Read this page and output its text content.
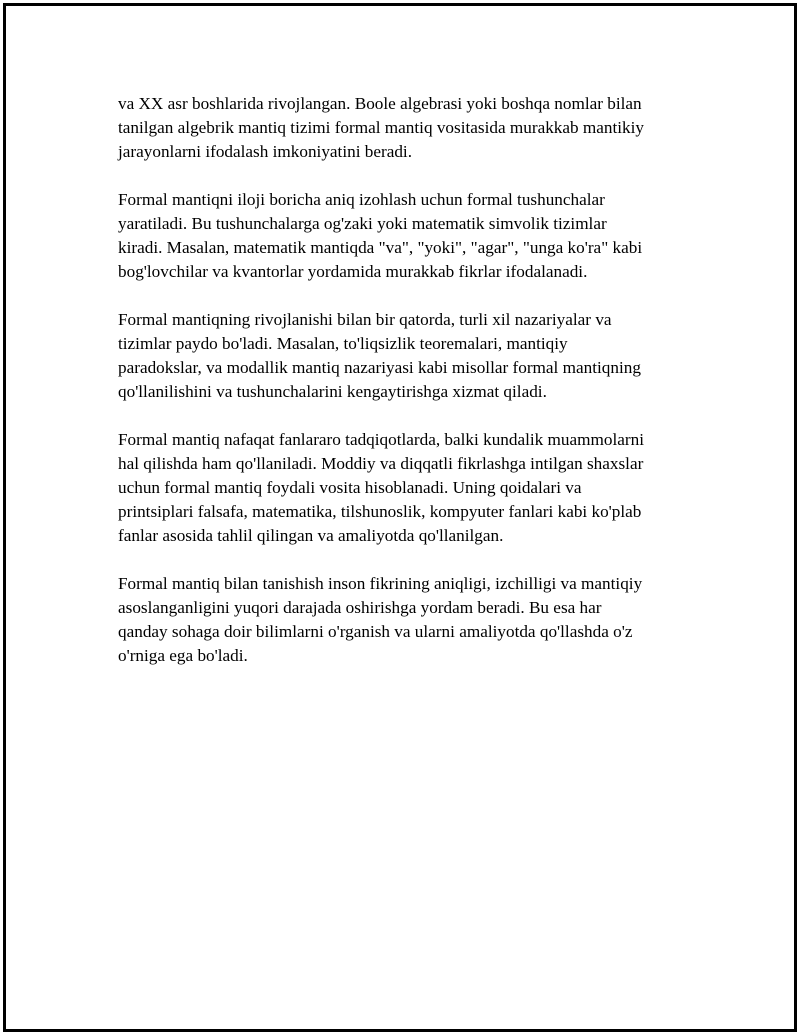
va XX asr boshlarida rivojlangan. Boole algebrasi yoki boshqa nomlar bilan
tanilgan algebrik mantiq tizimi formal mantiq vositasida murakkab mantikiy
jarayonlarni ifodalash imkoniyatini beradi.

Formal mantiqni iloji boricha aniq izohlash uchun formal tushunchalar
yaratiladi. Bu tushunchalarga og'zaki yoki matematik simvolik tizimlar
kiradi. Masalan, matematik mantiqda "va", "yoki", "agar", "unga ko'ra" kabi
bog'lovchilar va kvantorlar yordamida murakkab fikrlar ifodalanadi.

Formal mantiqning rivojlanishi bilan bir qatorda, turli xil nazariyalar va
tizimlar paydo bo'ladi. Masalan, to'liqsizlik teoremalari, mantiqiy
paradokslar, va modallik mantiq nazariyasi kabi misollar formal mantiqning
qo'llanilishini va tushunchalarini kengaytirishga xizmat qiladi.

Formal mantiq nafaqat fanlararo tadqiqotlarda, balki kundalik muammolarni
hal qilishda ham qo'llaniladi. Moddiy va diqqatli fikrlashga intilgan shaxslar
uchun formal mantiq foydali vosita hisoblanadi. Uning qoidalari va
printsiplari falsafa, matematika, tilshunoslik, kompyuter fanlari kabi ko'plab
fanlar asosida tahlil qilingan va amaliyotda qo'llanilgan.

Formal mantiq bilan tanishish inson fikrining aniqligi, izchilligi va mantiqiy
asoslanganligini yuqori darajada oshirishga yordam beradi. Bu esa har
qanday sohaga doir bilimlarni o'rganish va ularni amaliyotda qo'llashda o'z
o'rniga ega bo'ladi.
